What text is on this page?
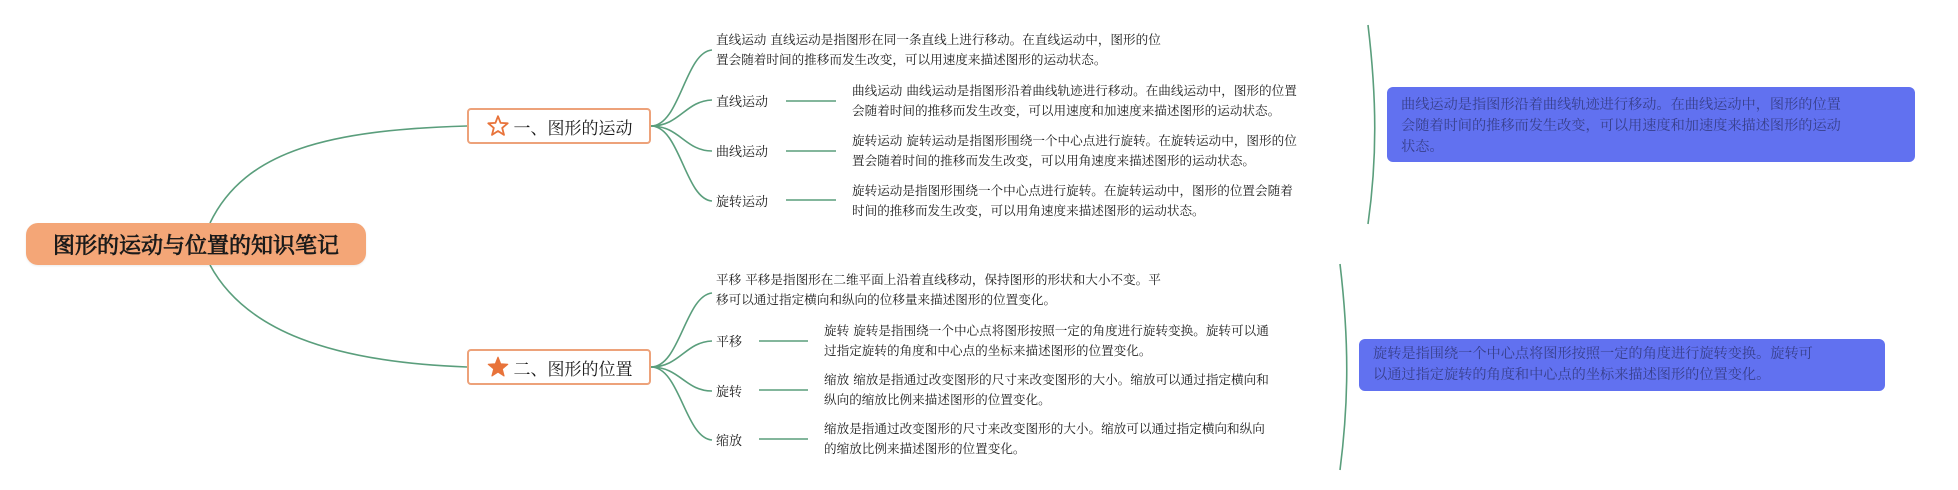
图形的运动与位置的知识笔记
一、图形的运动
二、图形的位置
直线运动 直线运动是指图形在同一条直线上进行移动。在直线运动中，图形的位
置会随着时间的推移而发生改变，可以用速度来描述图形的运动状态。
直线运动
曲线运动
旋转运动
曲线运动 曲线运动是指图形沿着曲线轨迹进行移动。在曲线运动中，图形的位置
会随着时间的推移而发生改变，可以用速度和加速度来描述图形的运动状态。
旋转运动 旋转运动是指图形围绕一个中心点进行旋转。在旋转运动中，图形的位
置会随着时间的推移而发生改变，可以用角速度来描述图形的运动状态。
旋转运动是指图形围绕一个中心点进行旋转。在旋转运动中，图形的位置会随着
时间的推移而发生改变，可以用角速度来描述图形的运动状态。
曲线运动是指图形沿着曲线轨迹进行移动。在曲线运动中，图形的位置
会随着时间的推移而发生改变，可以用速度和加速度来描述图形的运动
状态。
平移 平移是指图形在二维平面上沿着直线移动，保持图形的形状和大小不变。平
移可以通过指定横向和纵向的位移量来描述图形的位置变化。
平移
旋转
缩放
旋转 旋转是指围绕一个中心点将图形按照一定的角度进行旋转变换。旋转可以通
过指定旋转的角度和中心点的坐标来描述图形的位置变化。
缩放 缩放是指通过改变图形的尺寸来改变图形的大小。缩放可以通过指定横向和
纵向的缩放比例来描述图形的位置变化。
缩放是指通过改变图形的尺寸来改变图形的大小。缩放可以通过指定横向和纵向
的缩放比例来描述图形的位置变化。
旋转是指围绕一个中心点将图形按照一定的角度进行旋转变换。旋转可
以通过指定旋转的角度和中心点的坐标来描述图形的位置变化。
